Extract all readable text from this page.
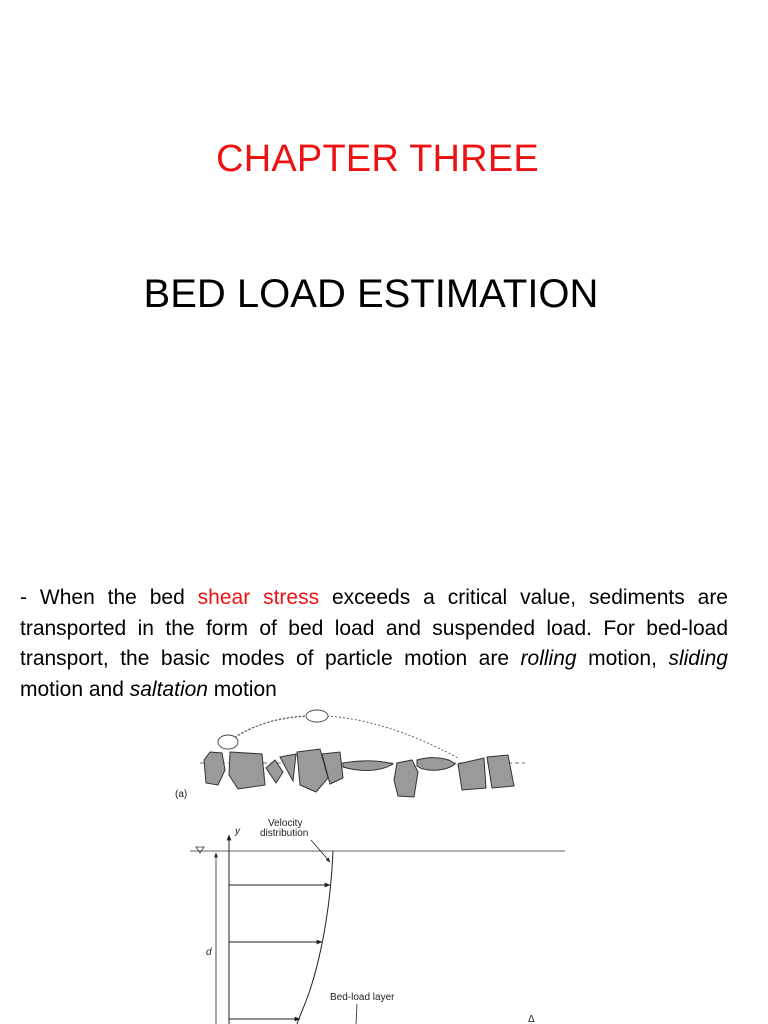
CHAPTER THREE
BED LOAD ESTIMATION
- When the bed shear stress exceeds a critical value, sediments are transported in the form of bed load and suspended load. For bed-load transport, the basic modes of particle motion are rolling motion, sliding motion and saltation motion
(a)
y
d
Velocity
distribution
Bed-load layer
Δ
